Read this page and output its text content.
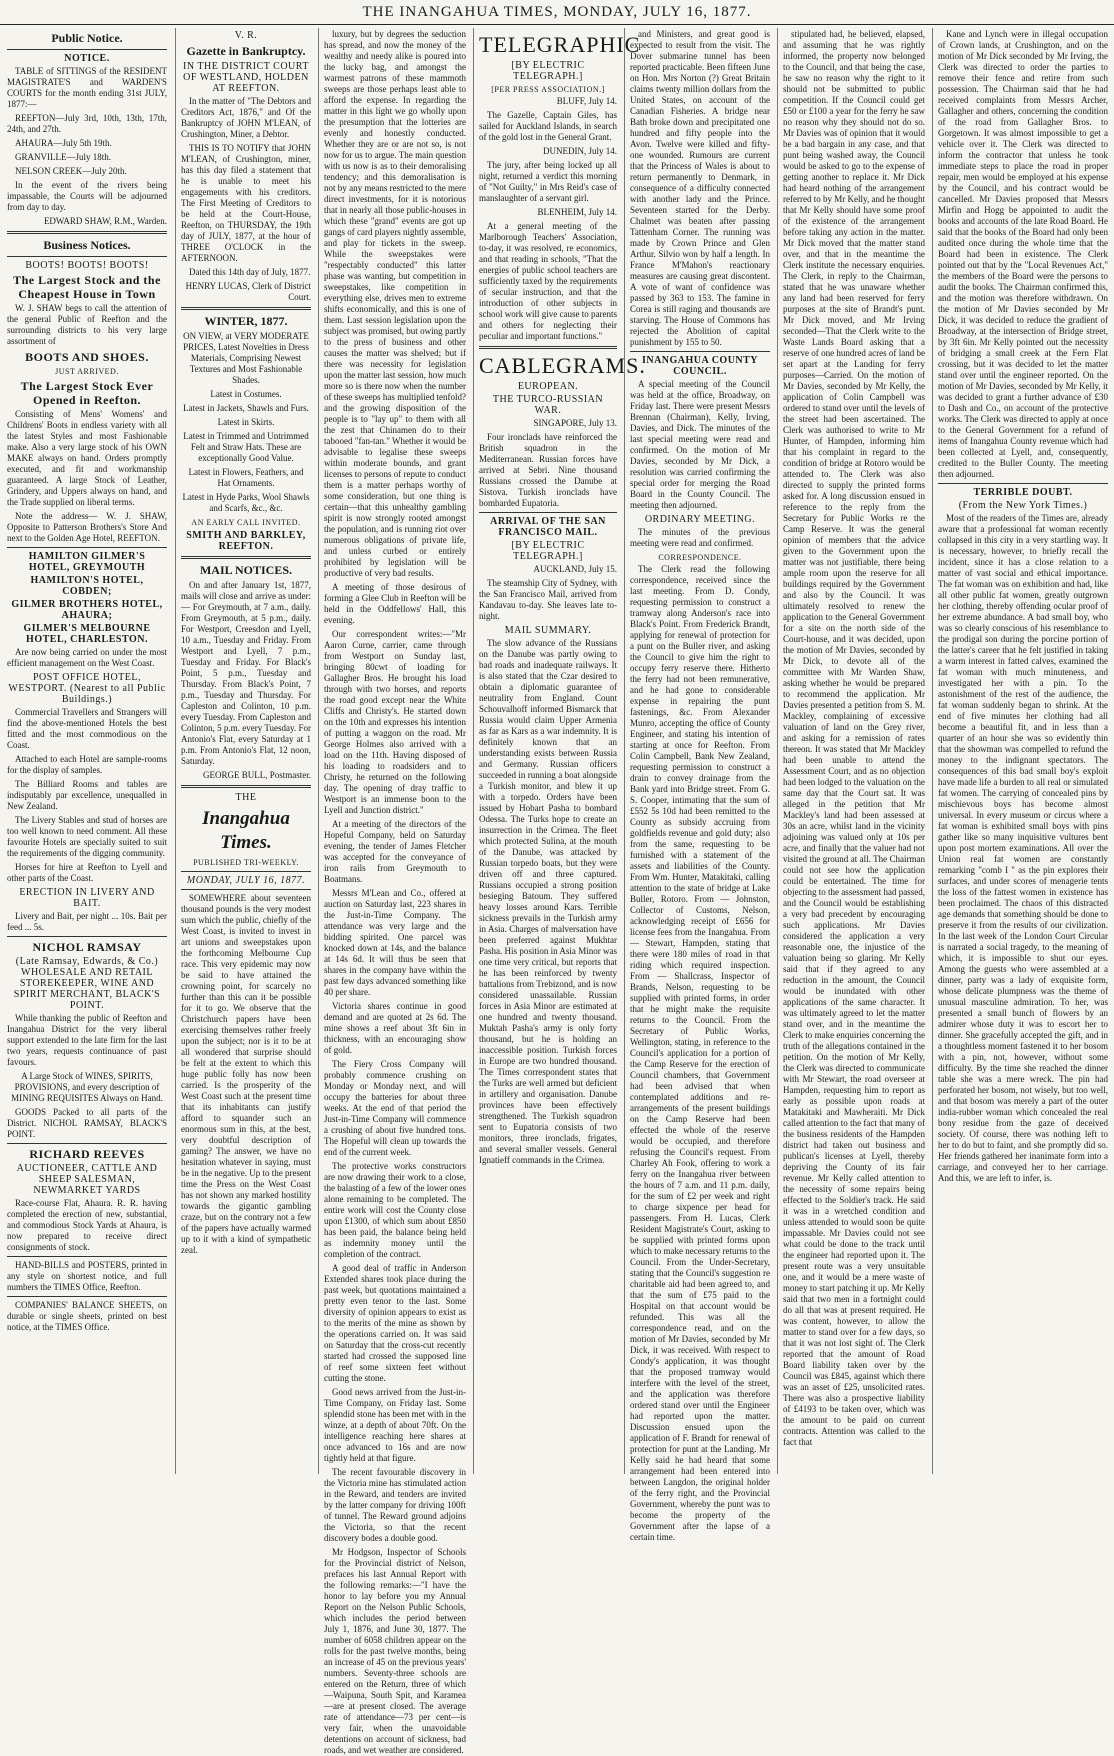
THE INANGAHUA TIMES, MONDAY, JULY 16, 1877.
Public Notice.
NOTICE.

TABLE of SITTINGS of the RESIDENT MAGISTRATE'S and WARDEN'S COURTS for the month ending 31st JULY, 1877:—

REEFTON—July 3rd, 10th, 13th, 17th, 24th, and 27th.

AHAURA—July 5th 19th.

GRANVILLE—July 18th.

NELSON CREEK—July 20th.

In the event of the rivers being impassable, the Courts will be adjourned from day to day.

EDWARD SHAW, R.M., Warden.

Business Notices.
BOOTS! BOOTS! BOOTS!
The Largest Stock and the Cheapest House in Town

W. J. SHAW begs to call the attention of the general Public of Reefton and the surrounding districts to his very large assortment of

BOOTS AND SHOES.
JUST ARRIVED.
The Largest Stock Ever Opened in Reefton.

Consisting of Mens' Womens' and Childrens' Boots in endless variety with all the latest Styles and most Fashionable make. Also a very large stock of his OWN MAKE always on hand. Orders promptly executed, and fit and workmanship guaranteed. A large Stock of Leather, Grindery, and Uppers always on hand, and the Trade supplied on liberal terms.

Note the address— W. J. SHAW, Opposite to Patterson Brothers's Store And next to the Golden Age Hotel, REEFTON.

HAMILTON GILMER'S HOTEL, GREYMOUTH
HAMILTON'S HOTEL, COBDEN;
GILMER BROTHERS HOTEL, AHAURA;
GILMER'S MELBOURNE HOTEL, CHARLESTON.

Are now being carried on under the most efficient management on the West Coast.

POST OFFICE HOTEL, WESTPORT. (Nearest to all Public Buildings.)

Commercial Travellers and Strangers will find the above-mentioned Hotels the best fitted and the most commodious on the Coast.

Attached to each Hotel are sample-rooms for the display of samples.

The Billiard Rooms and tables are indisputably par excellence, unequalled in New Zealand.

The Livery Stables and stud of horses are too well known to need comment. All these favourite Hotels are specially suited to suit the requirements of the digging community.

Horses for hire at Reefton to Lyell and other parts of the Coast.

ERECTION IN LIVERY AND BAIT.

Livery and Bait, per night ... 10s. Bait per feed ... 5s.

NICHOL RAMSAY
(Late Ramsay, Edwards, & Co.) WHOLESALE AND RETAIL STOREKEEPER, WINE AND SPIRIT MERCHANT, BLACK'S POINT.

While thanking the public of Reefton and Inangahua District for the very liberal support extended to the late firm for the last two years, requests continuance of past favours.

A Large Stock of WINES, SPIRITS, PROVISIONS, and every description of MINING REQUISITES Always on Hand.

GOODS Packed to all parts of the District. NICHOL RAMSAY, BLACK'S POINT.

RICHARD REEVES
AUCTIONEER, CATTLE AND SHEEP SALESMAN, NEWMARKET YARDS

Race-course Flat, Ahaura. R. R. having completed the erection of new, substantial, and commodious Stock Yards at Ahaura, is now prepared to receive direct consignments of stock.

HAND-BILLS and POSTERS, printed in any style on shortest notice, and full numbers the TIMES Office, Reefton.

COMPANIES' BALANCE SHEETS, on durable or single sheets, printed on best notice, at the TIMES Office.

V. R.
Gazette in Bankruptcy.
IN THE DISTRICT COURT OF WESTLAND, HOLDEN AT REEFTON.

In the matter of "The Debtors and Creditors Act, 1876," and Of the Bankruptcy of JOHN M'LEAN, of Crushington, Miner, a Debtor.

THIS IS TO NOTIFY that JOHN M'LEAN, of Crushington, miner, has this day filed a statement that he is unable to meet his engagements with his creditors. The First Meeting of Creditors to be held at the Court-House, Reefton, on THURSDAY, the 19th day of JULY, 1877, at the hour of THREE O'CLOCK in the AFTERNOON.

Dated this 14th day of July, 1877.

HENRY LUCAS, Clerk of District Court.

WINTER, 1877.

ON VIEW, at VERY MODERATE PRICES, Latest Novelties in Dress Materials, Comprising Newest Textures and Most Fashionable Shades.

Latest in Costumes.

Latest in Jackets, Shawls and Furs.

Latest in Skirts.

Latest in Trimmed and Untrimmed Felt and Straw Hats. These are exceptionally Good Value.

Latest in Flowers, Feathers, and Hat Ornaments.

Latest in Hyde Parks, Wool Shawls and Scarfs, &c., &c.

AN EARLY CALL INVITED.
SMITH AND BARKLEY, REEFTON.
MAIL NOTICES.

On and after January 1st, 1877, mails will close and arrive as under:— For Greymouth, at 7 a.m., daily. From Greymouth, at 5 p.m., daily. For Westport, Creesdon and Lyell, 10 a.m., Tuesday and Friday. From Westport and Lyell, 7 p.m., Tuesday and Friday. For Black's Point, 5 p.m., Tuesday and Thursday. From Black's Point, 7 p.m., Tuesday and Thursday. For Capleston and Colinton, 10 p.m. every Tuesday. From Capleston and Colinton, 5 p.m. every Tuesday. For Antonio's Flat, every Saturday at 1 p.m. From Antonio's Flat, 12 noon, Saturday.

GEORGE BULL, Postmaster.

THE
Inangahua Times.
PUBLISHED TRI-WEEKLY.
MONDAY, JULY 16, 1877.

SOMEWHERE about seventeen thousand pounds is the very modest sum which the public, chiefly of the West Coast, is invited to invest in art unions and sweepstakes upon the forthcoming Melbourne Cup race. This very epidemic may now be said to have attained the crowning point, for scarcely no further than this can it be possible for it to go. We observe that the Christchurch papers have been exercising themselves rather freely upon the subject; nor is it to be at all wondered that surprise should be felt at the extent to which this huge public folly has now been carried. Is the prosperity of the West Coast such at the present time that its inhabitants can justify afford to squander such an enormous sum in this, at the best, very doubtful description of gaming? The answer, we have no hesitation whatever in saying, must be in the negative. Up to the present time the Press on the West Coast has not shown any marked hostility towards the gigantic gambling craze, but on the contrary not a few of the papers have actually warmed up to it with a kind of sympathetic zeal.

luxury, but by degrees the seduction has spread, and now the money of the wealthy and needy alike is poured into the lucky bag, and amongst the warmest patrons of these mammoth sweeps are those perhaps least able to afford the expense. In regarding the matter in this light we go wholly upon the presumption that the lotteries are evenly and honestly conducted. Whether they are or are not so, is not now for us to argue. The main question with us now is as to their demoralising tendency; and this demoralisation is not by any means restricted to the mere direct investments, for it is notorious that in nearly all those public-houses in which these "grand" events are got up gangs of card players nightly assemble, and play for tickets in the sweep. While the sweepstakes were "respectably conducted" this latter phase was wanting, but competition in sweepstakes, like competition in everything else, drives men to extreme shifts economically, and this is one of them. Last session legislation upon the subject was promised, but owing partly to the press of business and other causes the matter was shelved; but if there was necessity for legislation upon the matter last session, how much more so is there now when the number of these sweeps has multiplied tenfold? and the growing disposition of the people is to "lay up" to them with all the zest that Chinamen do to their tabooed "fan-tan." Whether it would be advisable to legalise these sweeps within moderate bounds, and grant licenses to persons of repute to conduct them is a matter perhaps worthy of some consideration, but one thing is certain—that this unhealthy gambling spirit is now strongly rooted amongst the population, and is running riot over numerous obligations of private life, and unless curbed or entirely prohibited by legislation will be productive of very bad results.

A meeting of those desirous of forming a Glee Club in Reefton will be held in the Oddfellows' Hall, this evening.

Our correspondent writes:—"Mr Aaron Curne, carrier, came through from Westport on Sunday last, bringing 80cwt of loading for Gallagher Bros. He brought his load through with two horses, and reports the road good except near the White Cliffs and Christy's. He started down on the 10th and expresses his intention of putting a waggon on the road. Mr George Holmes also arrived with a load on the 11th. Having disposed of his loading to roadsiders and to Christy, he returned on the following day. The opening of dray traffic to Westport is an immense boon to the Lyell and Junction district."

At a meeting of the directors of the Hopeful Company, held on Saturday evening, the tender of James Fletcher was accepted for the conveyance of iron rails from Greymouth to Boatmans.

Messrs M'Lean and Co., offered at auction on Saturday last, 223 shares in the Just-in-Time Company. The attendance was very large and the bidding spirited. One parcel was knocked down at 14s, and the balance at 14s 6d. It will thus be seen that shares in the company have within the past few days advanced something like 40 per share.

Victoria shares continue in good demand and are quoted at 2s 6d. The mine shows a reef about 3ft 6in in thickness, with an encouraging show of gold.

The Fiery Cross Company will probably commence crushing on Monday or Monday next, and will occupy the batteries for about three weeks. At the end of that period the Just-in-Time Company will commence a crushing of about five hundred tons. The Hopeful will clean up towards the end of the current week.

The protective works constructors are now drawing their work to a close, the balasting of a few of the lower ones alone remaining to be completed. The entire work will cost the County close upon £1300, of which sum about £850 has been paid, the balance being held as indemnity money until the completion of the contract.

A good deal of traffic in Anderson Extended shares took place during the past week, but quotations maintained a pretty even tenor to the last. Some diversity of opinion appears to exist as to the merits of the mine as shown by the operations carried on. It was said on Saturday that the cross-cut recently started had crossed the supposed line of reef some sixteen feet without cutting the stone.

Good news arrived from the Just-in-Time Company, on Friday last. Some splendid stone has been met with in the winze, at a depth of about 70ft. On the intelligence reaching here shares at once advanced to 16s and are now tightly held at that figure.

The recent favourable discovery in the Victoria mine has stimulated action in the Reward, and tenders are invited by the latter company for driving 100ft of tunnel. The Reward ground adjoins the Victoria, so that the recent discovery bodes a double good.

Mr Hodgson, Inspector of Schools for the Provincial district of Nelson, prefaces his last Annual Report with the following remarks:—"I have the honor to lay before you my Annual Report on the Nelson Public Schools, which includes the period between July 1, 1876, and June 30, 1877. The number of 6058 children appear on the rolls for the past twelve months, being an increase of 45 on the previous years' numbers. Seventy-three schools are entered on the Return, three of which—Waipuna, South Spit, and Karamea—are at present closed. The average rate of attendance—73 per cent—is very fair, when the unavoidable detentions on account of sickness, bad roads, and wet weather are considered.

TELEGRAPHIC
[BY ELECTRIC TELEGRAPH.]
[PER PRESS ASSOCIATION.]

BLUFF, July 14.

The Gazelle, Captain Giles, has sailed for Auckland Islands, in search of the gold lost in the General Grant.

DUNEDIN, July 14.

The jury, after being locked up all night, returned a verdict this morning of "Not Guilty," in Mrs Reid's case of manslaughter of a servant girl.

BLENHEIM, July 14.

At a general meeting of the Marlborough Teachers' Association, to-day, it was resolved, re economics, and that reading in schools, "That the energies of public school teachers are sufficiently taxed by the requirements of secular instruction, and that the introduction of other subjects in school work will give cause to parents and others for neglecting their peculiar and important functions."

CABLEGRAMS.
EUROPEAN.
THE TURCO-RUSSIAN WAR.

SINGAPORE, July 13.

Four ironclads have reinforced the British squadron in the Mediterranean. Russian forces have arrived at Sebri. Nine thousand Russians crossed the Danube at Sistova. Turkish ironclads have bombarded Eupatoria.

ARRIVAL OF THE SAN FRANCISCO MAIL.
[BY ELECTRIC TELEGRAPH.]

AUCKLAND, July 15.

The steamship City of Sydney, with the San Francisco Mail, arrived from Kandavau to-day. She leaves late to-night.

MAIL SUMMARY.

The slow advance of the Russians on the Danube was partly owing to bad roads and inadequate railways. It is also stated that the Czar desired to obtain a diplomatic guarantee of neutrality from England. Count Schouvalhoff informed Bismarck that Russia would claim Upper Armenia as far as Kars as a war indemnity. It is definitely known that an understanding exists between Russia and Germany. Russian officers succeeded in running a boat alongside a Turkish monitor, and blew it up with a torpedo. Orders have been issued by Hobart Pasha to bombard Odessa. The Turks hope to create an insurrection in the Crimea. The fleet which protected Sulina, at the mouth of the Danube, was attacked by Russian torpedo boats, but they were driven off and three captured. Russians occupied a strong position besieging Batoum. They suffered heavy losses around Kars. Terrible sickness prevails in the Turkish army in Asia. Charges of malversation have been preferred against Mukhtar Pasha. His position in Asia Minor was one time very critical, but reports that he has been reinforced by twenty battalions from Trebizond, and is now considered unassailable. Russian forces in Asia Minor are estimated at one hundred and twenty thousand. Muktah Pasha's army is only forty thousand, but he is holding an inaccessible position. Turkish forces in Europe are two hundred thousand. The Times correspondent states that the Turks are well armed but deficient in artillery and organisation. Danube provinces have been effectively strengthened. The Turkish squadron sent to Eupatoria consists of two monitors, three ironclads, frigates, and several smaller vessels. General Ignatieff commands in the Crimea.

and Ministers, and great good is expected to result from the visit. The Dover submarine tunnel has been reported practicable. Been fifteen June on Hon. Mrs Norton (?) Great Britain claims twenty million dollars from the United States, on account of the Canadian Fisheries. A bridge near Bath broke down and precipitated one hundred and fifty people into the Avon. Twelve were killed and fifty-one wounded. Rumours are current that the Princess of Wales is about to return permanently to Denmark, in consequence of a difficulty connected with another lady and the Prince. Seventeen started for the Derby. Chalmet was beaten after passing Tattenham Corner. The running was made by Crown Prince and Glen Arthur. Silvio won by half a length. In France M'Mahon's reactionary measures are causing great discontent. A vote of want of confidence was passed by 363 to 153. The famine in Corea is still raging and thousands are starving. The House of Commons has rejected the Abolition of capital punishment by 155 to 50.

INANGAHUA COUNTY COUNCIL.

A special meeting of the Council was held at the office, Broadway, on Friday last. There were present Messrs Brennan (Chairman), Kelly, Irving, Davies, and Dick. The minutes of the last special meeting were read and confirmed. On the motion of Mr Davies, seconded by Mr Dick, a resolution was carried confirming the special order for merging the Road Board in the County Council. The meeting then adjourned.

ORDINARY MEETING.

The minutes of the previous meeting were read and confirmed.

CORRESPONDENCE.

The Clerk read the following correspondence, received since the last meeting. From D. Condy, requesting permission to construct a tramway along Anderson's race into Black's Point. From Frederick Brandt, applying for renewal of protection for a punt on the Buller river, and asking the Council to give him the right to occupy ferry reserve there. Hitherto the ferry had not been remunerative, and he had gone to considerable expense in repairing the punt fastenings, &c. From Alexander Munro, accepting the office of County Engineer, and stating his intention of starting at once for Reefton. From Colin Campbell, Bank New Zealand, requesting permission to construct a drain to convey drainage from the Bank yard into Bridge street. From G. S. Cooper, intimating that the sum of £552 5s 10d had been remitted to the County as subsidy accruing from goldfields revenue and gold duty; also from the same, requesting to be furnished with a statement of the assets and liabilities of the County. From Wm. Hunter, Matakitaki, calling attention to the state of bridge at Lake Buller, Rotoro. From — Johnston, Collector of Customs, Nelson, acknowledging receipt of £656 for license fees from the Inangahua. From — Stewart, Hampden, stating that there were 180 miles of road in that riding which required inspection. From — Shallcrass, Inspector of Brands, Nelson, requesting to be supplied with printed forms, in order that he might make the requisite returns to the Council. From the Secretary of Public Works, Wellington, stating, in reference to the Council's application for a portion of the Camp Reserve for the erection of Council chambers, that Government had been advised that when contemplated additions and re-arrangements of the present buildings on the Camp Reserve had been effected the whole of the reserve would be occupied, and therefore refusing the Council's request. From Charley Ah Fook, offering to work a ferry on the Inangahua river between the hours of 7 a.m. and 11 p.m. daily, for the sum of £2 per week and right to charge sixpence per head for passengers. From H. Lucas, Clerk Resident Magistrate's Court, asking to be supplied with printed forms upon which to make necessary returns to the Council. From the Under-Secretary, stating that the Council's suggestion re charitable aid had been agreed to, and that the sum of £75 paid to the Hospital on that account would be refunded. This was all the correspondence read, and on the motion of Mr Davies, seconded by Mr Dick, it was received. With respect to Condy's application, it was thought that the proposed tramway would interfere with the level of the street, and the application was therefore ordered stand over until the Engineer had reported upon the matter. Discussion ensued upon the application of F. Brandt for renewal of protection for punt at the Landing. Mr Kelly said he had heard that some arrangement had been entered into between Langdon, the original holder of the ferry right, and the Provincial Government, whereby the punt was to become the property of the Government after the lapse of a certain time.

stipulated had, he believed, elapsed, and assuming that he was rightly informed, the property now belonged to the Council, and that being the case, he saw no reason why the right to it should not be submitted to public competition. If the Council could get £50 or £100 a year for the ferry he saw no reason why they should not do so. Mr Davies was of opinion that it would be a bad bargain in any case, and that punt being washed away, the Council would be asked to go to the expense of getting another to replace it. Mr Dick had heard nothing of the arrangement referred to by Mr Kelly, and he thought that Mr Kelly should have some proof of the existence of the arrangement before taking any action in the matter. Mr Dick moved that the matter stand over, and that in the meantime the Clerk institute the necessary enquiries. The Clerk, in reply to the Chairman, stated that he was unaware whether any land had been reserved for ferry purposes at the site of Brandt's punt. Mr Dick moved, and Mr Irving seconded—That the Clerk write to the Waste Lands Board asking that a reserve of one hundred acres of land be set apart at the Landing for ferry purposes—Carried. On the motion of Mr Davies, seconded by Mr Kelly, the application of Colin Campbell was ordered to stand over until the levels of the street had been ascertained. The Clerk was authorised to write to Mr Hunter, of Hampden, informing him that his complaint in regard to the condition of bridge at Rotoro would be attended to. The Clerk was also directed to supply the printed forms asked for. A long discussion ensued in reference to the reply from the Secretary for Public Works re the Camp Reserve. It was the general opinion of members that the advice given to the Government upon the matter was not justifiable, there being ample room upon the reserve for all buildings required by the Government and also by the Council. It was ultimately resolved to renew the application to the General Government for a site on the north side of the Court-house, and it was decided, upon the motion of Mr Davies, seconded by Mr Dick, to devote all of the committee with Mr Warden Shaw, asking whether he would be prepared to recommend the application. Mr Davies presented a petition from S. M. Mackley, complaining of excessive valuation of land on the Grey river, and asking for a remission of rates thereon. It was stated that Mr Mackley had been unable to attend the Assessment Court, and as no objection had been lodged to the valuation on the same day that the Court sat. It was alleged in the petition that Mr Mackley's land had been assessed at 30s an acre, whilst land in the vicinity adjoining was valued only at 10s per acre, and finally that the valuer had not visited the ground at all. The Chairman could not see how the application could be entertained. The time for objecting to the assessment had passed, and the Council would be establishing a very bad precedent by encouraging such applications. Mr Davies considered the application a very reasonable one, the injustice of the valuation being so glaring. Mr Kelly said that if they agreed to any reduction in the amount, the Council would be inundated with other applications of the same character. It was ultimately agreed to let the matter stand over, and in the meantime the Clerk to make enquiries concerning the truth of the allegations contained in the petition. On the motion of Mr Kelly, the Clerk was directed to communicate with Mr Stewart, the road overseer at Hampden, requesting him to report as early as possible upon roads at Matakitaki and Mawheraiti. Mr Dick called attention to the fact that many of the business residents of the Hampden district had taken out business and publican's licenses at Lyell, thereby depriving the County of its fair revenue. Mr Kelly called attention to the necessity of some repairs being effected to the Soldier's track. He said it was in a wretched condition and unless attended to would soon be quite impassable. Mr Davies could not see what could be done to the track until the engineer had reported upon it. The present route was a very unsuitable one, and it would be a mere waste of money to start patching it up. Mr Kelly said that two men in a fortnight could do all that was at present required. He was content, however, to allow the matter to stand over for a few days, so that it was not lost sight of. The Clerk reported that the amount of Road Board liability taken over by the Council was £845, against which there was an asset of £25, unsolicited rates. There was also a prospective liability of £4193 to be taken over, which was the amount to be paid on current contracts. Attention was called to the fact that

Kane and Lynch were in illegal occupation of Crown lands, at Crushington, and on the motion of Mr Dick seconded by Mr Irving, the Clerk was directed to order the parties to remove their fence and retire from such possession. The Chairman said that he had received complaints from Messrs Archer, Gallagher and others, concerning the condition of the road from Gallagher Bros. to Gorgetown. It was almost impossible to get a vehicle over it. The Clerk was directed to inform the contractor that unless he took immediate steps to place the road in proper repair, men would be employed at his expense by the Council, and his contract would be cancelled. Mr Davies proposed that Messrs Mirfin and Hogg be appointed to audit the books and accounts of the late Road Board. He said that the books of the Board had only been audited once during the whole time that the Board had been in existence. The Clerk pointed out that by the "Local Revenues Act," the members of the Board were the persons to audit the books. The Chairman confirmed this, and the motion was therefore withdrawn. On the motion of Mr Davies seconded by Mr Dick, it was decided to reduce the gradient of Broadway, at the intersection of Bridge street, by 3ft 6in. Mr Kelly pointed out the necessity of bridging a small creek at the Fern Flat crossing, but it was decided to let the matter stand over until the engineer reported. On the motion of Mr Davies, seconded by Mr Kelly, it was decided to grant a further advance of £30 to Dash and Co., on account of the protective works. The Clerk was directed to apply at once to the General Government for a refund of items of Inangahua County revenue which had been collected at Lyell, and, consequently, credited to the Buller County. The meeting then adjourned.

TERRIBLE DOUBT.
(From the New York Times.)

Most of the readers of the Times are, already aware that a professional fat woman recently collapsed in this city in a very startling way. It is necessary, however, to briefly recall the incident, since it has a close relation to a matter of vast social and ethical importance. The fat woman was on exhibition and had, like all other public fat women, greatly outgrown her clothing, thereby offending ocular proof of her extreme abundance. A bad small boy, who was so clearly conscious of his resemblance to the prodigal son during the porcine portion of the latter's career that he felt justified in taking a warm interest in fatted calves, examined the fat woman with much minuteness, and investigated her with a pin. To the astonishment of the rest of the audience, the fat woman suddenly began to shrink. At the end of five minutes her clothing had all become a beautiful fit, and in less than a quarter of an hour she was so evidently thin that the showman was compelled to refund the money to the indignant spectators. The consequences of this bad small boy's exploit have made life a burden to all real or simulated fat women. The carrying of concealed pins by mischievous boys has become almost universal. In every museum or circus where a fat woman is exhibited small boys with pins gather like so many inquisitive vultures bent upon post mortem examinations. All over the Union real fat women are constantly remarking "comb I " as the pin explores their surfaces, and under scores of menagerie tents the loss of the fattest women in existence has been proclaimed. The chaos of this distracted age demands that something should be done to preserve it from the results of our civilization. In the last week of the London Court Circular is narrated a social tragedy, to the meaning of which, it is impossible to shut our eyes. Among the guests who were assembled at a dinner, party was a lady of exquisite form, whose delicate plumpness was the theme of unusual masculine admiration. To her, was presented a small bunch of flowers by an admirer whose duty it was to escort her to dinner. She gracefully accepted the gift, and in a thoughtless moment fastened it to her bosom with a pin, not, however, without some difficulty. By the time she reached the dinner table she was a mere wreck. The pin had perforated her bosom, not wisely, but too well, and that bosom was merely a part of the outer india-rubber woman which concealed the real bony residue from the gaze of deceived society. Of course, there was nothing left to her to do but to faint, and she promptly did so. Her friends gathered her inanimate form into a carriage, and conveyed her to her carriage. And this, we are left to infer, is.
